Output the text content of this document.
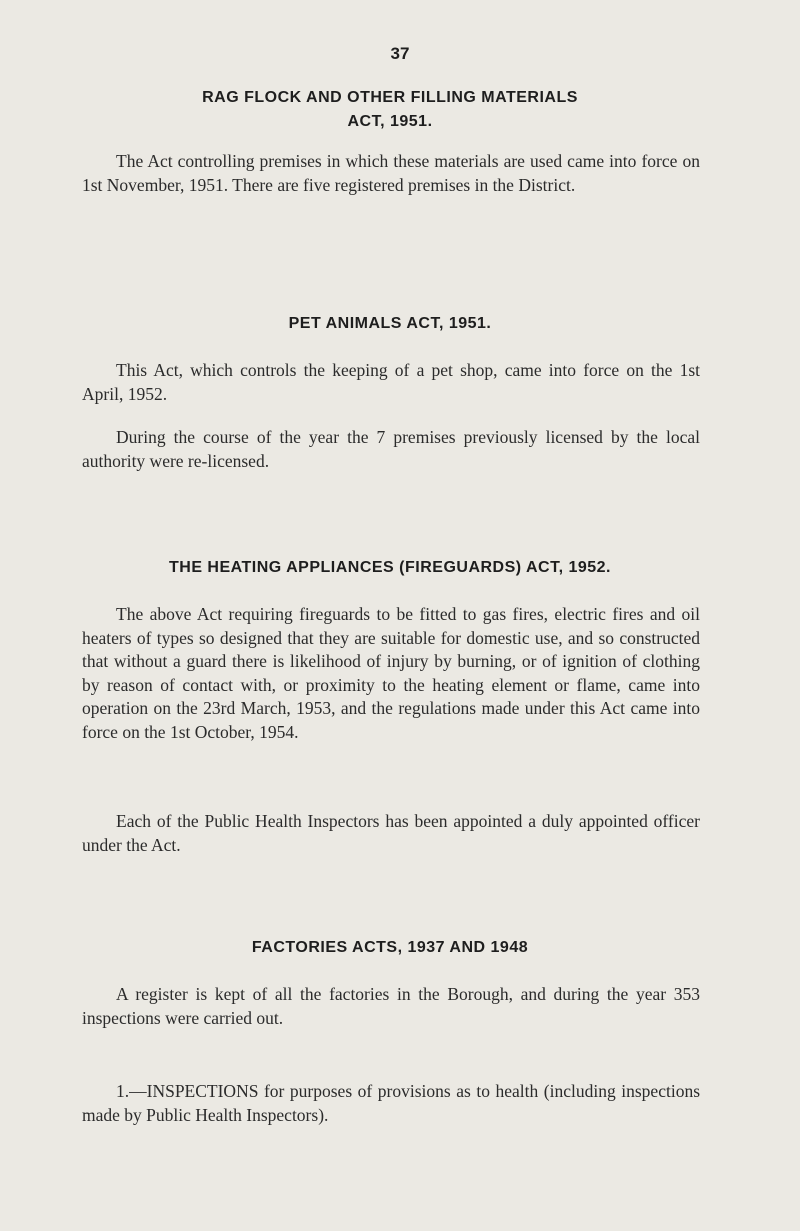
37
RAG FLOCK AND OTHER FILLING MATERIALS
ACT, 1951.

The Act controlling premises in which these materials are used came into force on 1st November, 1951. There are five registered premises in the District.

PET ANIMALS ACT, 1951.

This Act, which controls the keeping of a pet shop, came into force on the 1st April, 1952.

During the course of the year the 7 premises previously licensed by the local authority were re-licensed.

THE HEATING APPLIANCES (FIREGUARDS) ACT, 1952.

The above Act requiring fireguards to be fitted to gas fires, electric fires and oil heaters of types so designed that they are suitable for domestic use, and so constructed that without a guard there is likelihood of injury by burning, or of ignition of clothing by reason of contact with, or proximity to the heating element or flame, came into operation on the 23rd March, 1953, and the regulations made under this Act came into force on the 1st October, 1954.

Each of the Public Health Inspectors has been appointed a duly appointed officer under the Act.

FACTORIES ACTS, 1937 AND 1948

A register is kept of all the factories in the Borough, and during the year 353 inspections were carried out.

1.—INSPECTIONS for purposes of provisions as to health (including inspections made by Public Health Inspectors).
